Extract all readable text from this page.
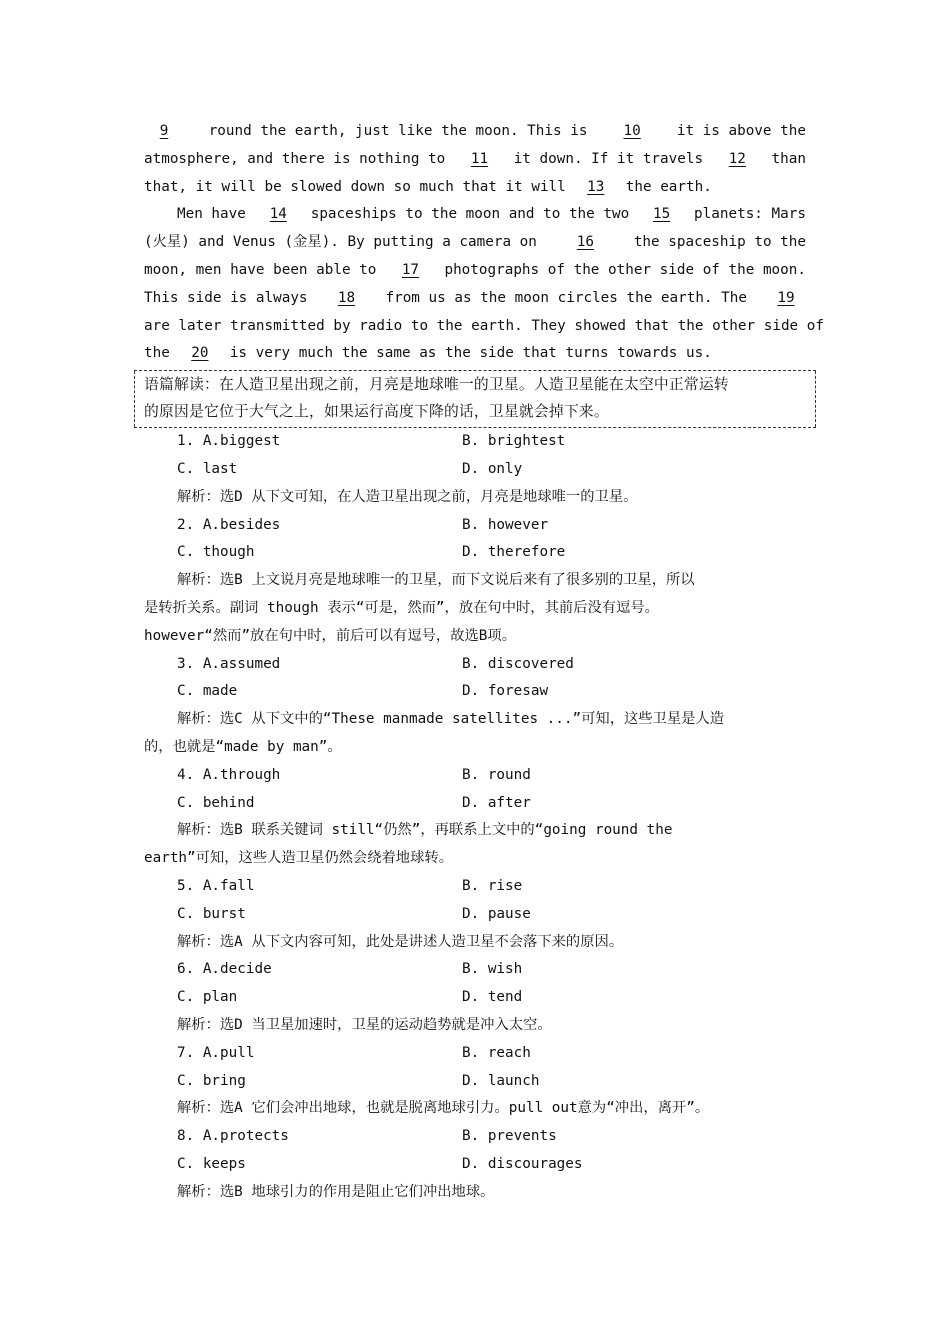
9	round the earth, just like the moon. This is	10	it is above the
atmosphere, and there is nothing to	11	it down. If it travels	12	than
that, it will be slowed down so much that it will	13	the earth.
Men have	14	spaceships to the moon and to the two	15	planets: Mars
(火星) and Venus (金星). By putting a camera on	16	the spaceship to the
moon, men have been able to	17	photographs of the other side of the moon.
This side is always	18	from us as the moon circles the earth. The	19
are later transmitted by radio to the earth. They showed that the other side of
the	20	is very much the same as the side that turns towards us.
语篇解读：在人造卫星出现之前，月亮是地球唯一的卫星。人造卫星能在太空中正常运转
的原因是它位于大气之上，如果运行高度下降的话，卫星就会掉下来。
1. A.biggest	B. brightest
C. last	D. only
解析：选D 从下文可知，在人造卫星出现之前，月亮是地球唯一的卫星。
2. A.besides	B. however
C. though	D. therefore
解析：选B 上文说月亮是地球唯一的卫星，而下文说后来有了很多别的卫星，所以
是转折关系。副词 though 表示“可是，然而”，放在句中时，其前后没有逗号。
however“然而”放在句中时，前后可以有逗号，故选B项。
3. A.assumed	B. discovered
C. made	D. foresaw
解析：选C 从下文中的“These manmade satellites ...”可知，这些卫星是人造
的，也就是“made by man”。
4. A.through	B. round
C. behind	D. after
解析：选B 联系关键词 still“仍然”，再联系上文中的“going round the
earth”可知，这些人造卫星仍然会绕着地球转。
5. A.fall	B. rise
C. burst	D. pause
解析：选A 从下文内容可知，此处是讲述人造卫星不会落下来的原因。
6. A.decide	B. wish
C. plan	D. tend
解析：选D 当卫星加速时，卫星的运动趋势就是冲入太空。
7. A.pull	B. reach
C. bring	D. launch
解析：选A 它们会冲出地球，也就是脱离地球引力。pull out意为“冲出，离开”。
8. A.protects	B. prevents
C. keeps	D. discourages
解析：选B 地球引力的作用是阻止它们冲出地球。
